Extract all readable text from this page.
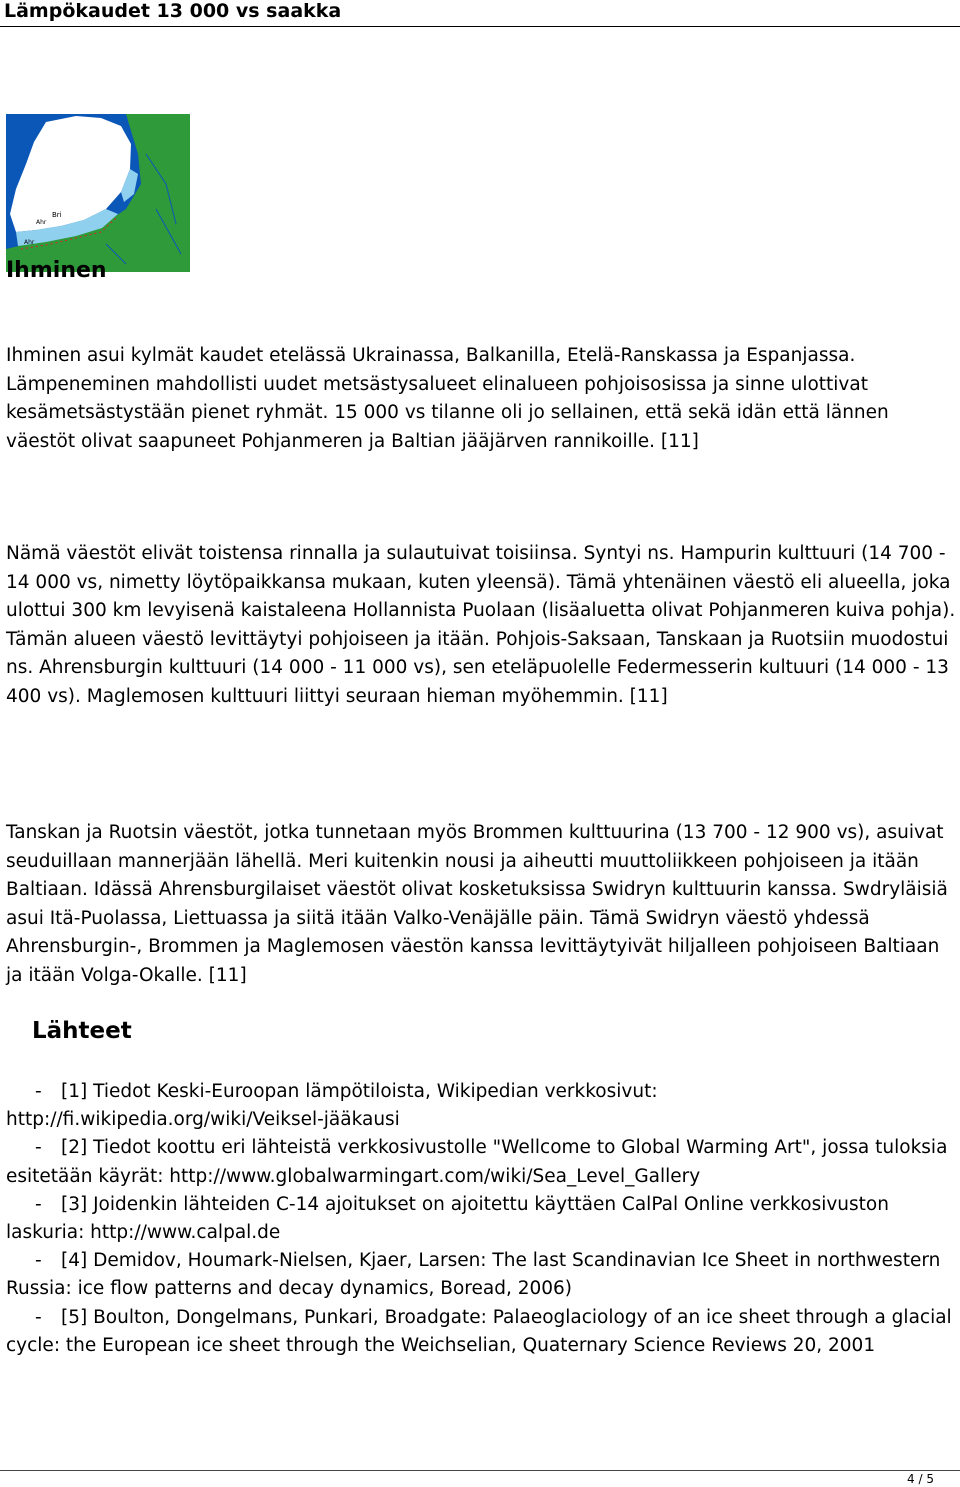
Lämpökaudet 13 000 vs saakka
Bri
Ahr
Ahr
Ihminen

Ihminen asui kylmät kaudet etelässä Ukrainassa, Balkanilla, Etelä-Ranskassa ja Espanjassa. Lämpeneminen mahdollisti uudet metsästysalueet elinalueen pohjoisosissa ja sinne ulottivat kesämetsästystään pienet ryhmät. 15 000 vs tilanne oli jo sellainen, että sekä idän että lännen väestöt olivat saapuneet Pohjanmeren ja Baltian jääjärven rannikoille. [11]

Nämä väestöt elivät toistensa rinnalla ja sulautuivat toisiinsa. Syntyi ns. Hampurin kulttuuri (14 700 - 14 000 vs, nimetty löytöpaikkansa mukaan, kuten yleensä). Tämä yhtenäinen väestö eli alueella, joka ulottui 300 km levyisenä kaistaleena Hollannista Puolaan (lisäaluetta olivat Pohjanmeren kuiva pohja). Tämän alueen väestö levittäytyi pohjoiseen ja itään. Pohjois-Saksaan, Tanskaan ja Ruotsiin muodostui ns. Ahrensburgin kulttuuri (14 000 - 11 000 vs), sen eteläpuolelle Federmesserin kultuuri (14 000 - 13 400 vs). Maglemosen kulttuuri liittyi seuraan hieman myöhemmin. [11]

Tanskan ja Ruotsin väestöt, jotka tunnetaan myös Brommen kulttuurina (13 700 - 12 900 vs), asuivat seuduillaan mannerjään lähellä. Meri kuitenkin nousi ja aiheutti muuttoliikkeen pohjoiseen ja itään Baltiaan. Idässä Ahrensburgilaiset väestöt olivat kosketuksissa Swidryn kulttuurin kanssa. Swdryläisiä asui Itä-Puolassa, Liettuassa ja siitä itään Valko-Venäjälle päin. Tämä Swidryn väestö yhdessä Ahrensburgin-, Brommen ja Maglemosen väestön kanssa levittäytyivät hiljalleen pohjoiseen Baltiaan ja itään Volga-Okalle. [11]

Lähteet

- [1] Tiedot Keski-Euroopan lämpötiloista, Wikipedian verkkosivut: http://fi.wikipedia.org/wiki/Veiksel-jääkausi

- [2] Tiedot koottu eri lähteistä verkkosivustolle "Wellcome to Global Warming Art", jossa tuloksia esitetään käyrät: http://www.globalwarmingart.com/wiki/Sea_Level_Gallery

- [3] Joidenkin lähteiden C-14 ajoitukset on ajoitettu käyttäen CalPal Online verkkosivuston laskuria: http://www.calpal.de

- [4] Demidov, Houmark-Nielsen, Kjaer, Larsen: The last Scandinavian Ice Sheet in northwestern Russia: ice flow patterns and decay dynamics, Boread, 2006)

- [5] Boulton, Dongelmans, Punkari, Broadgate: Palaeoglaciology of an ice sheet through a glacial cycle: the European ice sheet through the Weichselian, Quaternary Science Reviews 20, 2001

4 / 5
